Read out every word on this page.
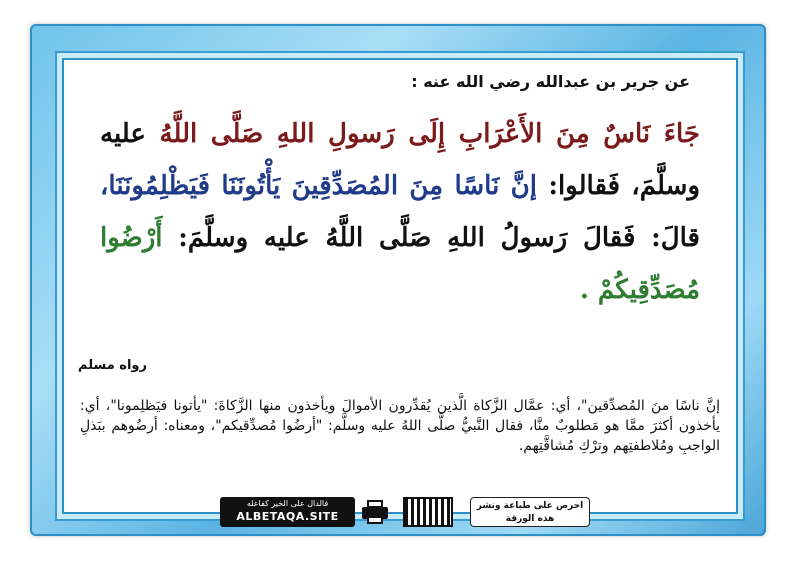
عن جرير بن عبدالله رضي الله عنه :
جَاءَ نَاسٌ مِنَ الأَعْرَابِ إِلَى رَسولِ اللهِ صَلَّى اللَّهُ عليه وسلَّمَ، فَقالوا: إنَّ نَاسًا مِنَ المُصَدِّقِينَ يَأْتُونَنَا فَيَظْلِمُونَنَا، قالَ: فَقالَ رَسولُ اللهِ صَلَّى اللَّهُ عليه وسلَّمَ: أَرْضُوا مُصَدِّقِيكُمْ .
رواه مسلم
إنَّ ناسًا منَ المُصدِّقين"، أي: عمَّال الزَّكاة الَّذين يُقدِّرون الأموالَ ويأخذون منها الزَّكاةَ: "يأتونا فيَظلِمونا"، أي: يأخذون أكثرَ ممَّا هو مَطلوبٌ منَّا، فقال النَّبيُّ صلَّى اللهُ عليه وسلَّم: "أرضُوا مُصدِّقيكم"، ومعناه: أرضُوهم ببَذلِ الواجبِ ومُلاطفتِهم وترْكِ مُشاقَّتِهم.
فالدال على الخير كفاعله
ALBETAQA.SITE
احرص على طباعة ونشر هذه الورقة
